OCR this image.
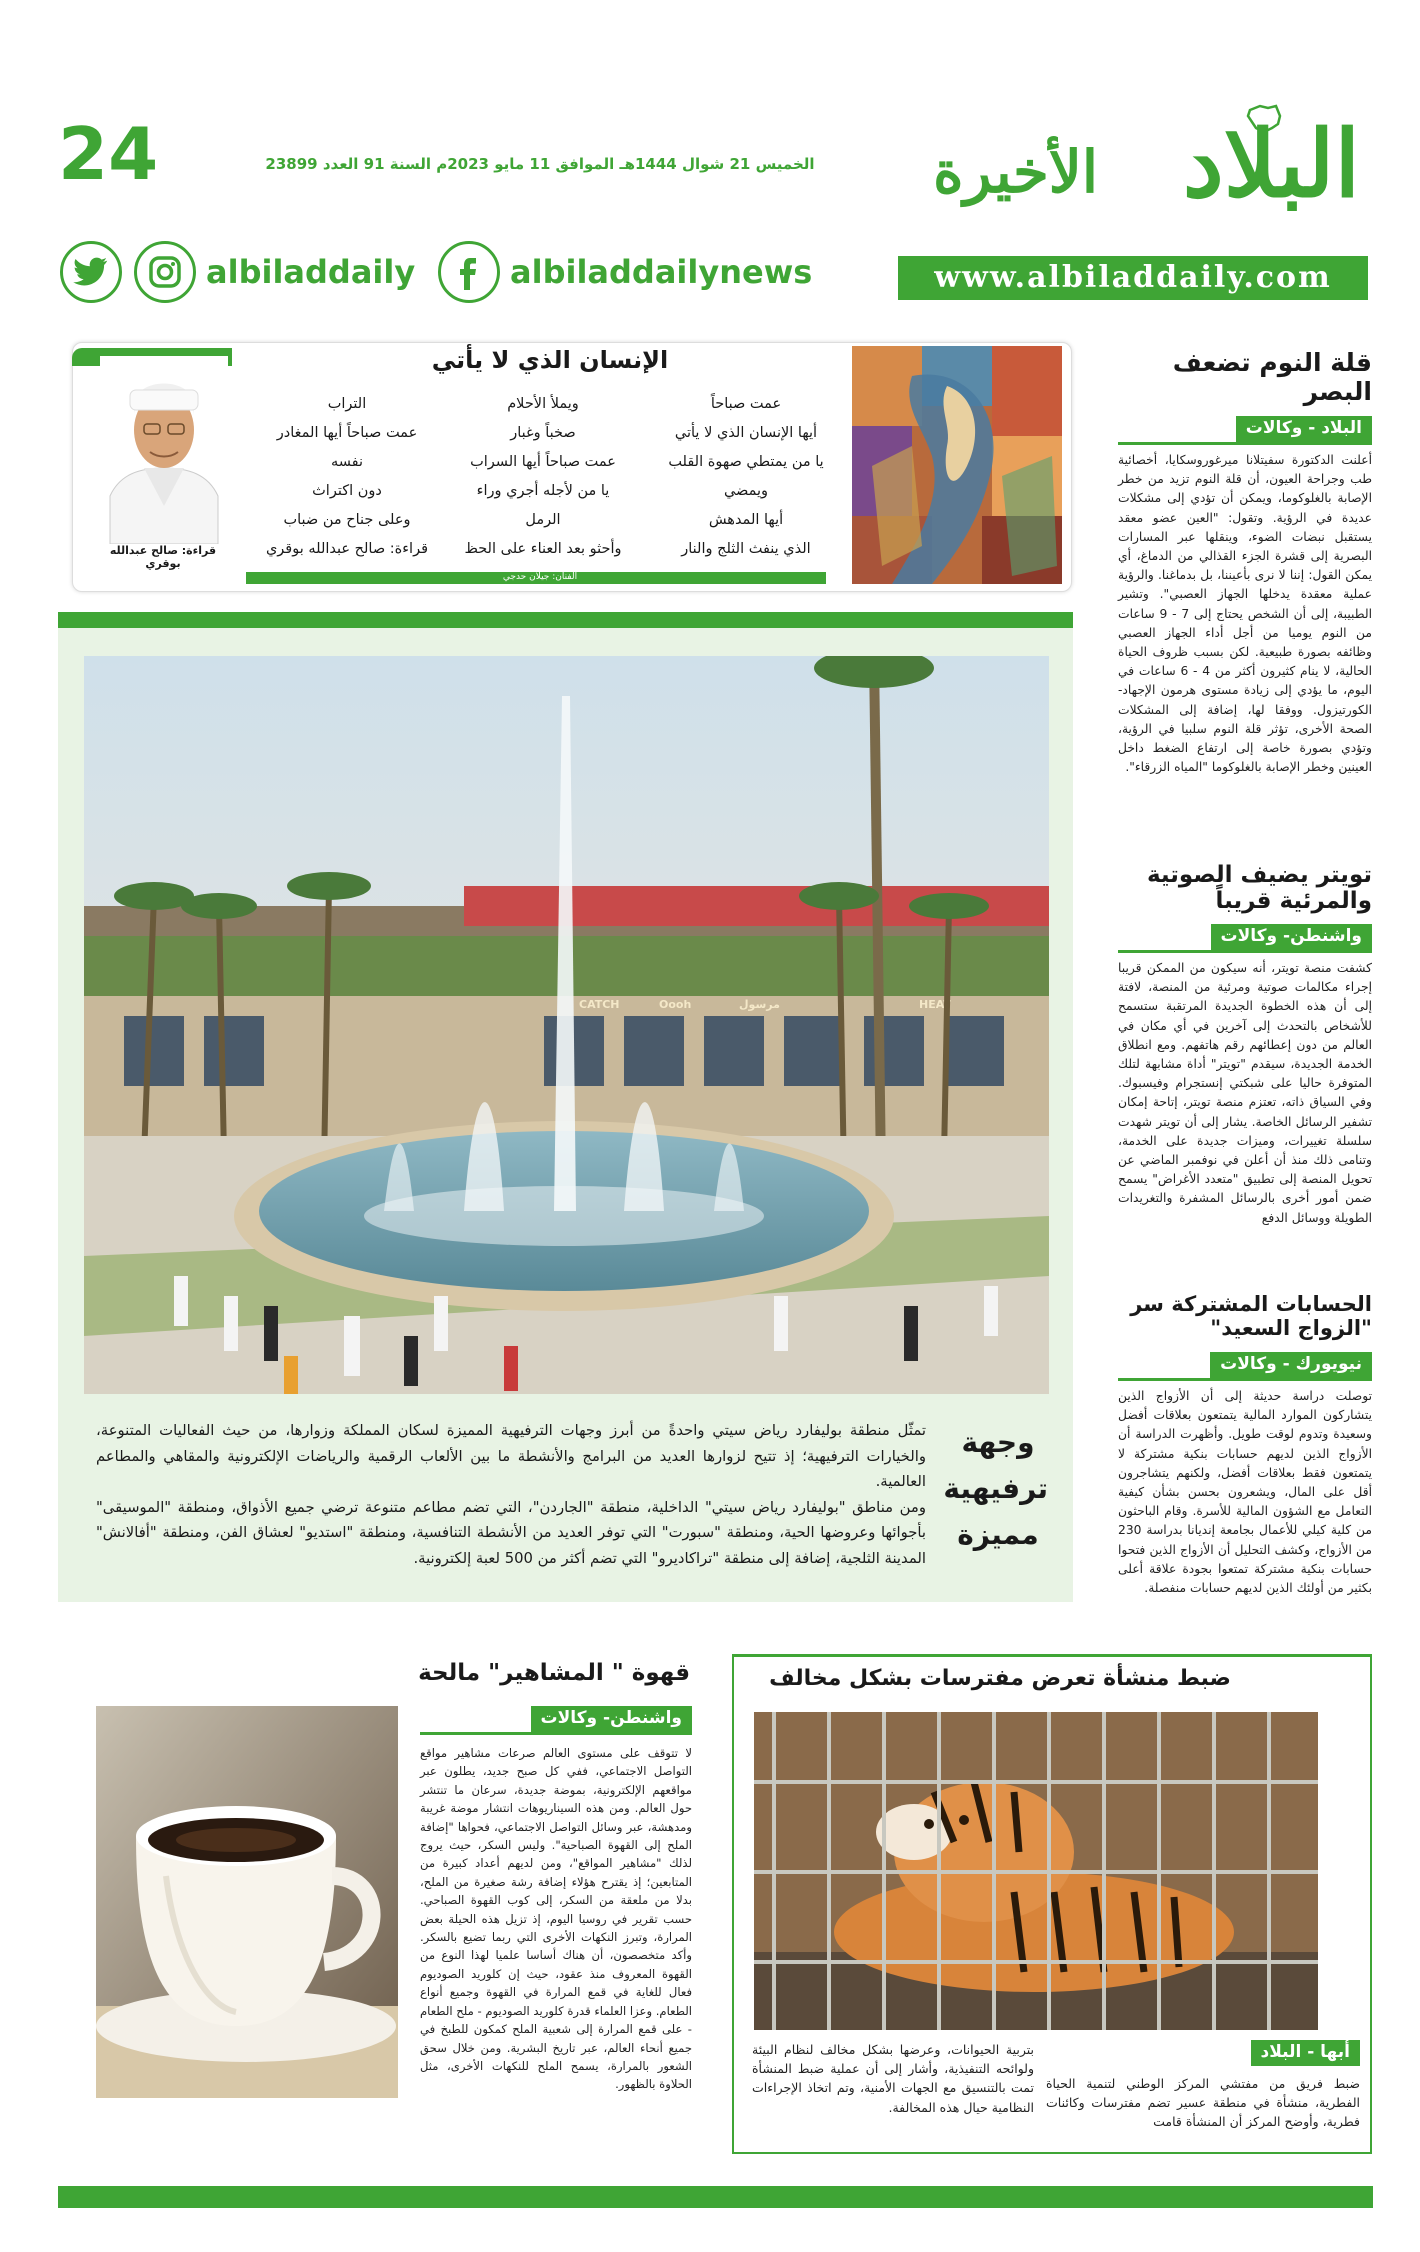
24	الخميس 21 شوال 1444هـ الموافق 11 مايو 2023م السنة 91 العدد 23899	البلاد
الأخيرة
www.albiladdaily.com
albiladdailynews
albiladdaily
قلة النوم تضعف البصر
البلاد - وكالات
أعلنت الدكتورة سفيتلانا ميرغوروسكايا، أخصائية طب وجراحة العيون، أن قلة النوم تزيد من خطر الإصابة بالغلوكوما، ويمكن أن تؤدي إلى مشكلات عديدة في الرؤية. وتقول: "العين عضو معقد يستقبل نبضات الضوء، وينقلها عبر المسارات البصرية إلى قشرة الجزء القذالي من الدماغ، أي يمكن القول: إننا لا نرى بأعيننا، بل بدماغنا. والرؤية عملية معقدة يدخلها الجهاز العصبي". وتشير الطبيبة، إلى أن الشخص يحتاج إلى 7 - 9 ساعات من النوم يوميا من أجل أداء الجهاز العصبي وظائفه بصورة طبيعية. لكن بسبب ظروف الحياة الحالية، لا ينام كثيرون أكثر من 4 - 6 ساعات في اليوم، ما يؤدي إلى زيادة مستوى هرمون الإجهاد- الكورتيزول. ووفقا لها، إضافة إلى المشكلات الصحة الأخرى، تؤثر قلة النوم سلبيا في الرؤية، وتؤدي بصورة خاصة إلى ارتفاع الضغط داخل العينين وخطر الإصابة بالغلوكوما "المياه الزرقاء".
تويتر يضيف الصوتية والمرئية قريباً
واشنطن- وكالات
كشفت منصة تويتر، أنه سيكون من الممكن قريبا إجراء مكالمات صوتية ومرئية من المنصة، لافتة إلى أن هذه الخطوة الجديدة المرتقبة ستسمح للأشخاص بالتحدث إلى آخرين في أي مكان في العالم من دون إعطائهم رقم هاتفهم. ومع انطلاق الخدمة الجديدة، سيقدم "تويتر" أداة مشابهة لتلك المتوفرة حاليا على شبكتي إنستجرام وفيسبوك. وفي السياق ذاته، تعتزم منصة تويتر، إتاحة إمكان تشفير الرسائل الخاصة. يشار إلى أن تويتر شهدت سلسلة تغييرات، وميزات جديدة على الخدمة، وتنامى ذلك منذ أن أعلن في نوفمبر الماضي عن تحويل المنصة إلى تطبيق "متعدد الأغراض" يسمح ضمن أمور أخرى بالرسائل المشفرة والتغريدات الطويلة ووسائل الدفع
الحسابات المشتركة سر "الزواج السعيد"
نيويورك - وكالات
توصلت دراسة حديثة إلى أن الأزواج الذين يتشاركون الموارد المالية يتمتعون بعلاقات أفضل وسعيدة وتدوم لوقت طويل. وأظهرت الدراسة أن الأزواج الذين لديهم حسابات بنكية مشتركة لا يتمتعون فقط بعلاقات أفضل، ولكنهم يتشاجرون أقل على المال، ويشعرون بحسن بشأن كيفية التعامل مع الشؤون المالية للأسرة. وقام الباحثون من كلية كيلي للأعمال بجامعة إنديانا بدراسة 230 من الأزواج، وكشف التحليل أن الأزواج الذين فتحوا حسابات بنكية مشتركة تمتعوا بجودة علاقة أعلى بكثير من أولئك الذين لديهم حسابات منفصلة.
الإنسان الذي لا يأتي
عمت صباحاً
أيها الإنسان الذي لا يأتي
يا من يمتطي صهوة القلب
ويمضي
أيها المدهش
الذي ينفث الثلج والنار
ويملأ الأحلام
صخباً وغبار
عمت صباحاً أيها السراب
يا من لأجله أجري وراء
الرمل
وأحثو بعد العناء على الحظ
التراب
عمت صباحاً أيها المغادر
نفسه
دون اكتراث
وعلى جناح من ضباب
قراءة: صالح عبدالله بوقري
الفنان: جيلان حدجي
قراءة: صالح عبدالله بوقري
CATCH	Oooh	مرسول	HEAT
وجهة
ترفيهية
مميزة

تمثّل منطقة بوليفارد رياض سيتي واحدةً من أبرز وجهات الترفيهية المميزة لسكان المملكة وزوارها، من حيث الفعاليات المتنوعة، والخيارات الترفيهية؛ إذ تتيح لزوارها العديد من البرامج والأنشطة ما بين الألعاب الرقمية والرياضات الإلكترونية والمقاهي والمطاعم العالمية.

ومن مناطق "بوليفارد رياض سيتي" الداخلية، منطقة "الجاردن"، التي تضم مطاعم متنوعة ترضي جميع الأذواق، ومنطقة "الموسيقى" بأجوائها وعروضها الحية، ومنطقة "سبورت" التي توفر العديد من الأنشطة التنافسية، ومنطقة "استديو" لعشاق الفن، ومنطقة "أفالانش" المدينة الثلجية، إضافة إلى منطقة "تراكاديرو" التي تضم أكثر من 500 لعبة إلكترونية.

ضبط منشأة تعرض مفترسات بشكل مخالف
أبها - البلاد
ضبط فريق من مفتشي المركز الوطني لتنمية الحياة الفطرية، منشأة في منطقة عسير تضم مفترسات وكائنات فطرية، وأوضح المركز أن المنشأة قامت
بتربية الحيوانات، وعرضها بشكل مخالف لنظام البيئة ولوائحه التنفيذية، وأشار إلى أن عملية ضبط المنشأة تمت بالتنسيق مع الجهات الأمنية، وتم اتخاذ الإجراءات النظامية حيال هذه المخالفة.
قهوة " المشاهير" مالحة
واشنطن- وكالات
لا تتوقف على مستوى العالم صرعات مشاهير مواقع التواصل الاجتماعي، ففي كل صبح جديد، يطلون عبر مواقعهم الإلكترونية، بموضة جديدة، سرعان ما تنتشر حول العالم. ومن هذه السيناريوهات انتشار موضة غريبة ومدهشة، عبر وسائل التواصل الاجتماعي، فحواها "إضافة الملح إلى القهوة الصباحية". وليس السكر، حيث يروج لذلك "مشاهير المواقع"، ومن لديهم أعداد كبيرة من المتابعين؛ إذ يقترح هؤلاء إضافة رشة صغيرة من الملح، بدلا من ملعقة من السكر، إلى كوب القهوة الصباحي. حسب تقرير في روسيا اليوم، إذ تزيل هذه الحيلة بعض المرارة، وتبرز النكهات الأخرى التي ربما تضيع بالسكر. وأكد متخصصون، أن هناك أساسا علميا لهذا النوع من القهوة المعروف منذ عقود، حيث إن كلوريد الصوديوم فعال للغاية في قمع المرارة في القهوة وجميع أنواع الطعام. وعزا العلماء قدرة كلوريد الصوديوم - ملح الطعام - على قمع المرارة إلى شعبية الملح كمكون للطبخ في جميع أنحاء العالم، عبر تاريخ البشرية. ومن خلال سحق الشعور بالمرارة، يسمح الملح للنكهات الأخرى، مثل الحلاوة بالظهور.
